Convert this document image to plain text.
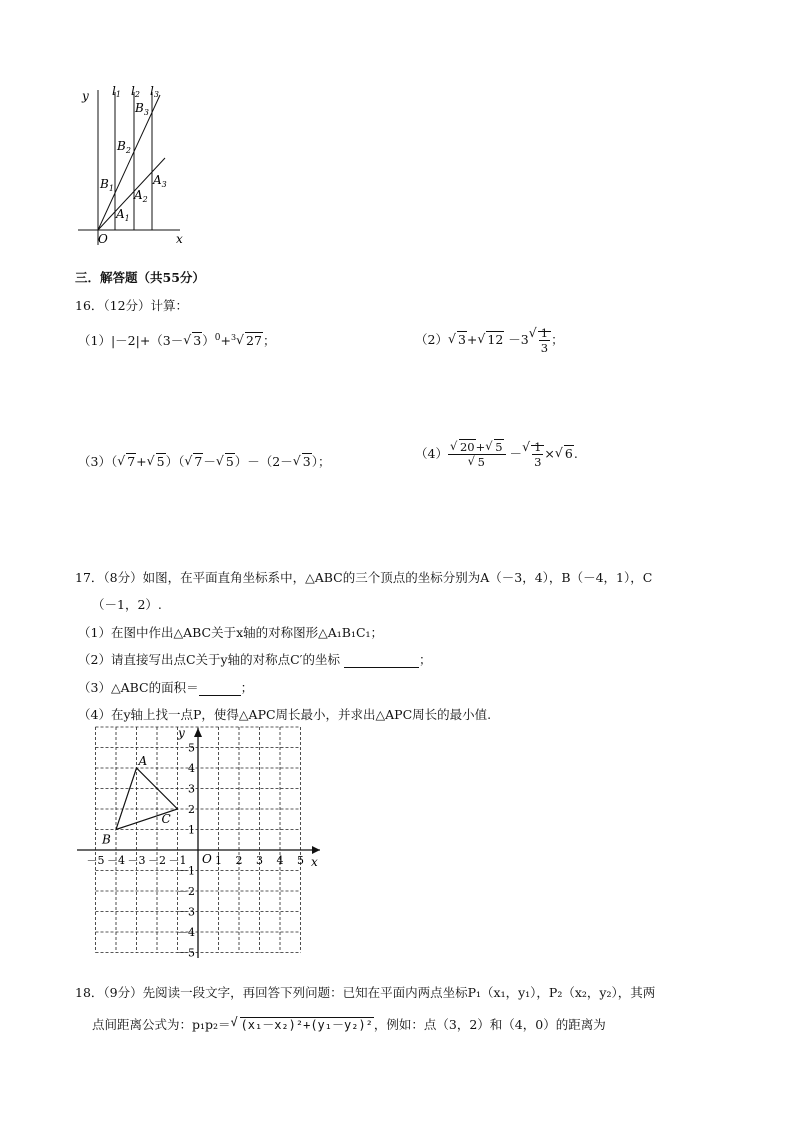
y
x
O
l1 l2 l3
$B_1$
$B_2$
$B_3$
$A_1$
$A_2$
$A_3$
三．解答题（共55分）
16．（12分）计算：
（1）|－2|+（3－ √ 3）$^0$+$^3$ √ 27；	（2） √ 3+ √ 12 －3 √ $\frac{1}{3}$ ；
（3）（ √ 7+ √ 5）（ √ 7－ √ 5）－（2－ √ 3）；
（4） √ 20+ √ 5
√ 5 － √ $\frac{1}{3}$ × √ 6.
17．（8分）如图，在平面直角坐标系中，△ABC的三个顶点的坐标分别为A（－3，4），B（－4，1），C
（－1，2）.
（1）在图中作出△ABC关于x轴的对称图形△A₁B₁C₁；
（2）请直接写出点C关于y轴的对称点C′的坐标	；
（3）△ABC的面积＝	；
（4）在y轴上找一点P，使得△APC周长最小，并求出△APC周长的最小值.
－5 －4 －3 －2 －1	1 2 3 4 5
5
4
3
2
1
－1
－2
－3
－4
－5
O	x
y
A
B
C
18．（9分）先阅读一段文字，再回答下列问题：已知在平面内两点坐标P₁（x₁，y₁），P₂（x₂，y₂），其两
点间距离公式为：p₁p₂＝ √ (x₁－x₂)²+(y₁－y₂)²，例如：点（3，2）和（4，0）的距离为
